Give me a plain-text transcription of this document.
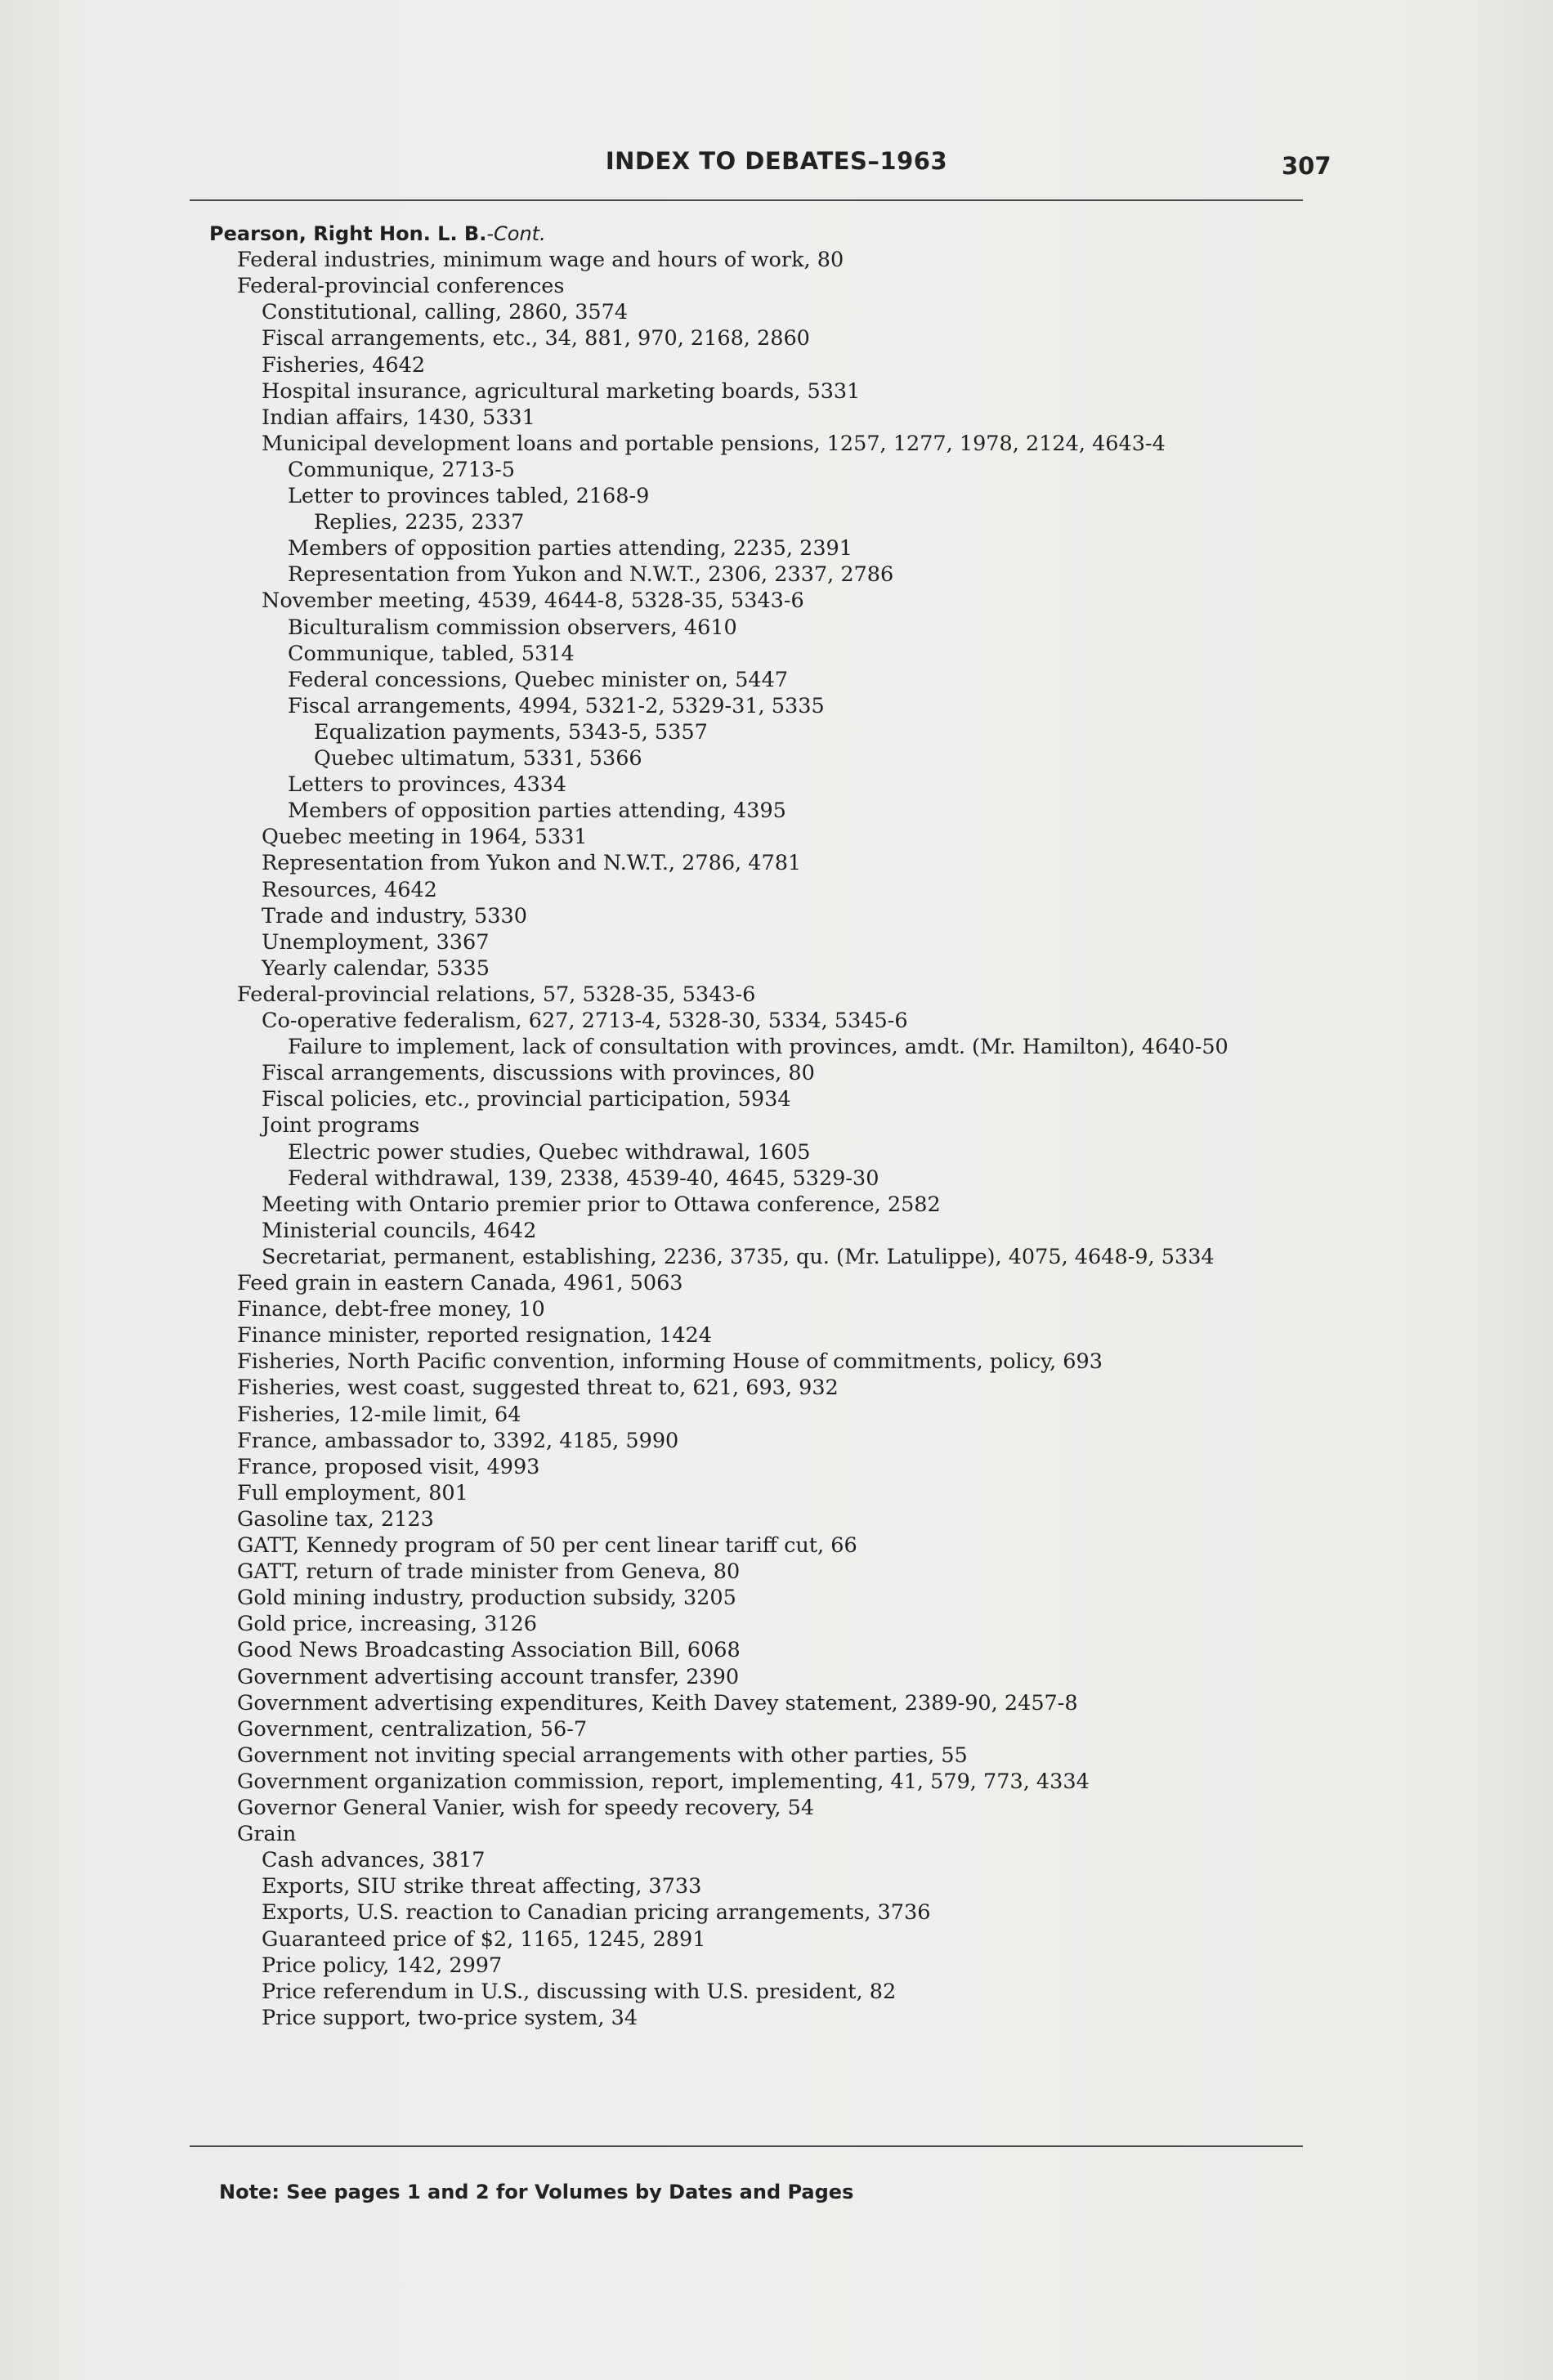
INDEX TO DEBATES–1963	307
Pearson, Right Hon. L. B.-Cont.
Federal industries, minimum wage and hours of work, 80
Federal-provincial conferences
Constitutional, calling, 2860, 3574
Fiscal arrangements, etc., 34, 881, 970, 2168, 2860
Fisheries, 4642
Hospital insurance, agricultural marketing boards, 5331
Indian affairs, 1430, 5331
Municipal development loans and portable pensions, 1257, 1277, 1978, 2124, 4643-4
Communique, 2713-5
Letter to provinces tabled, 2168-9
Replies, 2235, 2337
Members of opposition parties attending, 2235, 2391
Representation from Yukon and N.W.T., 2306, 2337, 2786
November meeting, 4539, 4644-8, 5328-35, 5343-6
Biculturalism commission observers, 4610
Communique, tabled, 5314
Federal concessions, Quebec minister on, 5447
Fiscal arrangements, 4994, 5321-2, 5329-31, 5335
Equalization payments, 5343-5, 5357
Quebec ultimatum, 5331, 5366
Letters to provinces, 4334
Members of opposition parties attending, 4395
Quebec meeting in 1964, 5331
Representation from Yukon and N.W.T., 2786, 4781
Resources, 4642
Trade and industry, 5330
Unemployment, 3367
Yearly calendar, 5335
Federal-provincial relations, 57, 5328-35, 5343-6
Co-operative federalism, 627, 2713-4, 5328-30, 5334, 5345-6
Failure to implement, lack of consultation with provinces, amdt. (Mr. Hamilton), 4640-50
Fiscal arrangements, discussions with provinces, 80
Fiscal policies, etc., provincial participation, 5934
Joint programs
Electric power studies, Quebec withdrawal, 1605
Federal withdrawal, 139, 2338, 4539-40, 4645, 5329-30
Meeting with Ontario premier prior to Ottawa conference, 2582
Ministerial councils, 4642
Secretariat, permanent, establishing, 2236, 3735, qu. (Mr. Latulippe), 4075, 4648-9, 5334
Feed grain in eastern Canada, 4961, 5063
Finance, debt-free money, 10
Finance minister, reported resignation, 1424
Fisheries, North Pacific convention, informing House of commitments, policy, 693
Fisheries, west coast, suggested threat to, 621, 693, 932
Fisheries, 12-mile limit, 64
France, ambassador to, 3392, 4185, 5990
France, proposed visit, 4993
Full employment, 801
Gasoline tax, 2123
GATT, Kennedy program of 50 per cent linear tariff cut, 66
GATT, return of trade minister from Geneva, 80
Gold mining industry, production subsidy, 3205
Gold price, increasing, 3126
Good News Broadcasting Association Bill, 6068
Government advertising account transfer, 2390
Government advertising expenditures, Keith Davey statement, 2389-90, 2457-8
Government, centralization, 56-7
Government not inviting special arrangements with other parties, 55
Government organization commission, report, implementing, 41, 579, 773, 4334
Governor General Vanier, wish for speedy recovery, 54
Grain
Cash advances, 3817
Exports, SIU strike threat affecting, 3733
Exports, U.S. reaction to Canadian pricing arrangements, 3736
Guaranteed price of $2, 1165, 1245, 2891
Price policy, 142, 2997
Price referendum in U.S., discussing with U.S. president, 82
Price support, two-price system, 34
Note: See pages 1 and 2 for Volumes by Dates and Pages
